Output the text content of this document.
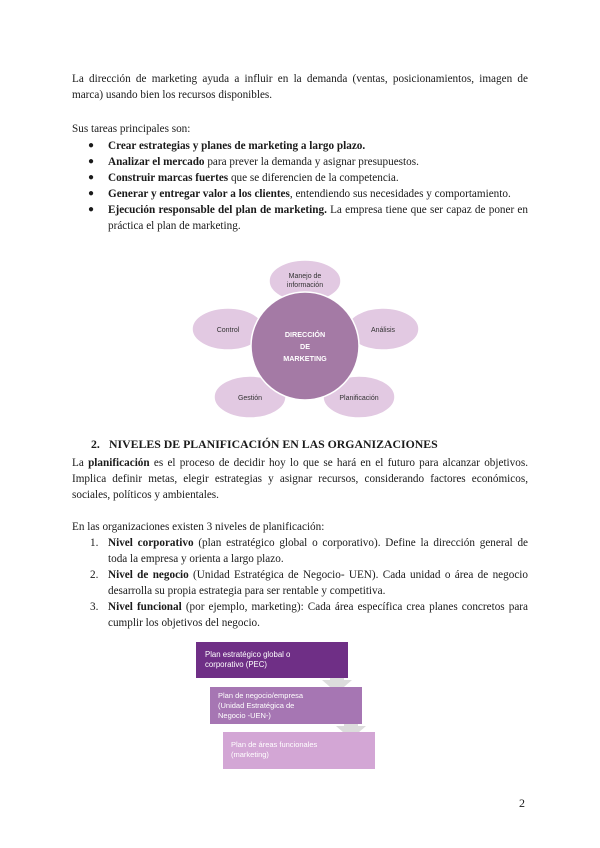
La dirección de marketing ayuda a influir en la demanda (ventas, posicionamientos, imagen de marca) usando bien los recursos disponibles.

Sus tareas principales son:

● Crear estrategias y planes de marketing a largo plazo.
● Analizar el mercado para prever la demanda y asignar presupuestos.
● Construir marcas fuertes que se diferencien de la competencia.
● Generar y entregar valor a los clientes, entendiendo sus necesidades y comportamiento.
● Ejecución responsable del plan de marketing. La empresa tiene que ser capaz de poner en práctica el plan de marketing.
DIRECCIÓN
DE
MARKETING
Manejo de
información
Control	Análisis
Gestión	Planificación
2. NIVELES DE PLANIFICACIÓN EN LAS ORGANIZACIONES

La planificación es el proceso de decidir hoy lo que se hará en el futuro para alcanzar objetivos. Implica definir metas, elegir estrategias y asignar recursos, considerando factores económicos, sociales, políticos y ambientales.

En las organizaciones existen 3 niveles de planificación:

1. Nivel corporativo (plan estratégico global o corporativo). Define la dirección general de toda la empresa y orienta a largo plazo.
2. Nivel de negocio (Unidad Estratégica de Negocio- UEN). Cada unidad o área de negocio desarrolla su propia estrategia para ser rentable y competitiva.
3. Nivel funcional (por ejemplo, marketing): Cada área específica crea planes concretos para cumplir los objetivos del negocio.
Plan estratégico global o
corporativo (PEC)
Plan de negocio/empresa
(Unidad Estratégica de
Negocio -UEN-)
Plan de áreas funcionales
(marketing)
2
